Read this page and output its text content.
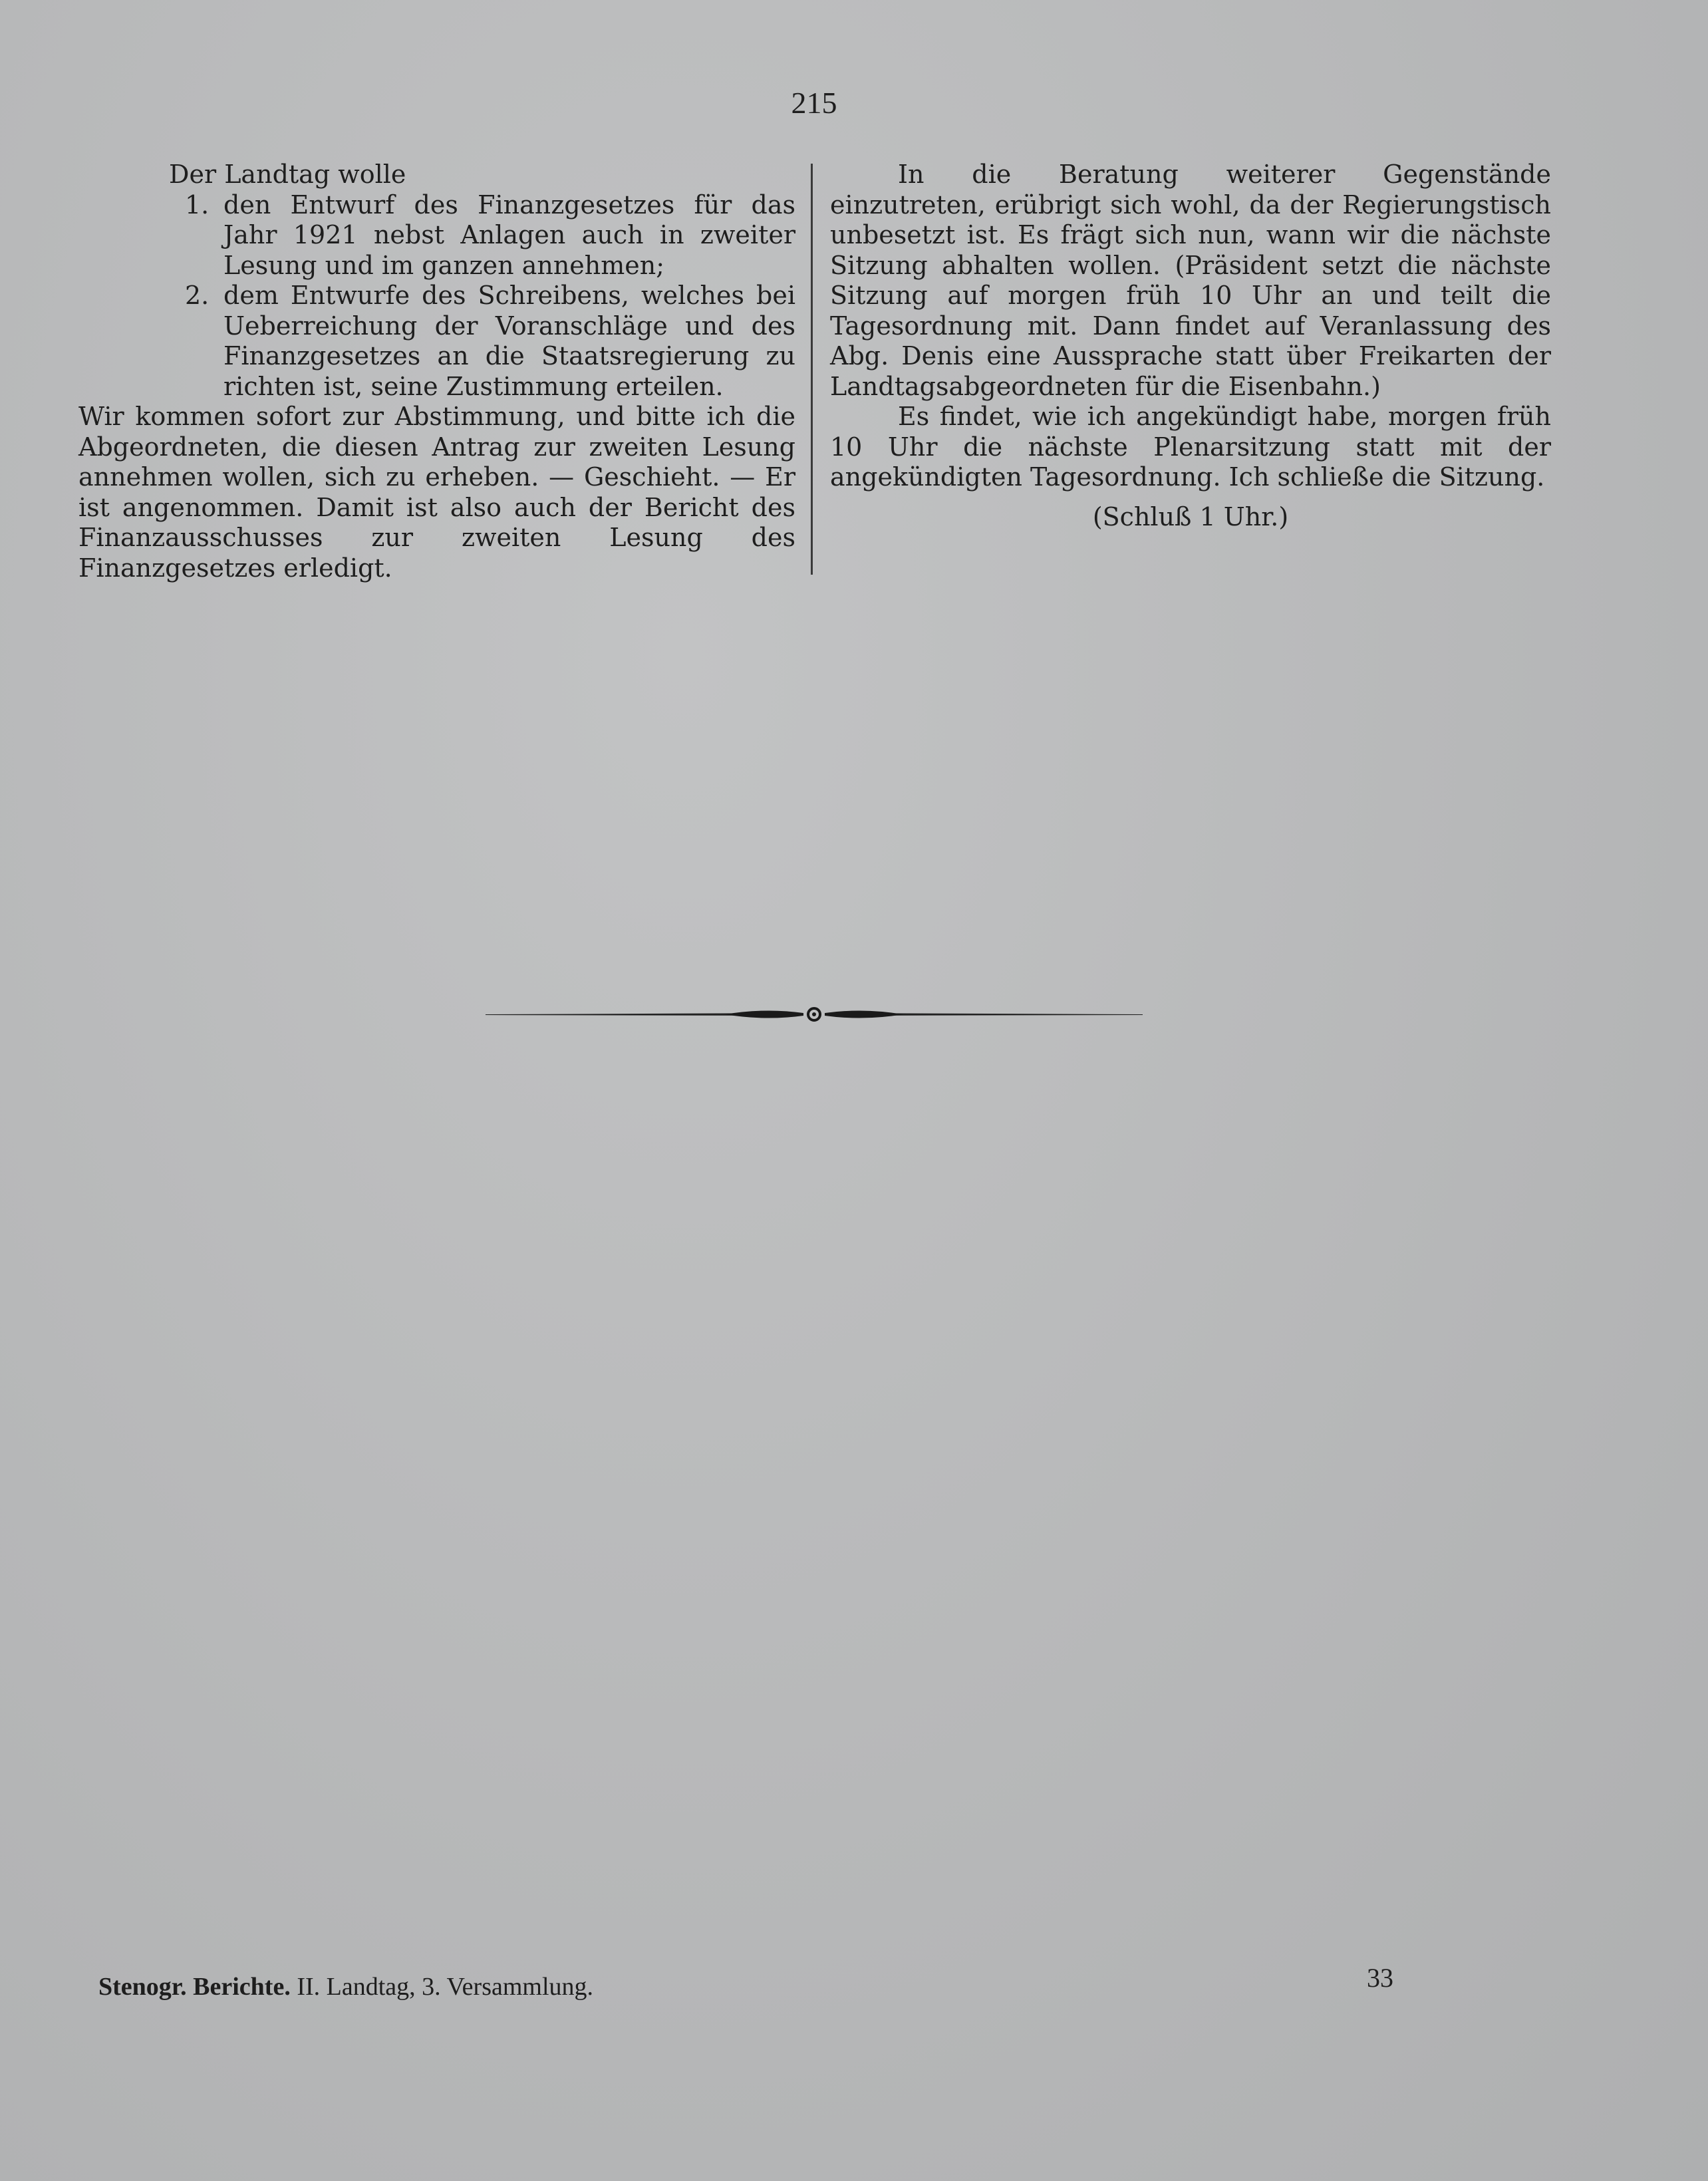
215

Der Landtag wolle

1. den Entwurf des Finanzgesetzes für das Jahr 1921 nebst Anlagen auch in zweiter Lesung und im ganzen annehmen;
2. dem Entwurfe des Schreibens, welches bei Ueberreichung der Voranschläge und des Finanzgesetzes an die Staatsregierung zu richten ist, seine Zustimmung erteilen.

Wir kommen sofort zur Abstimmung, und bitte ich die Abgeordneten, die diesen Antrag zur zweiten Lesung annehmen wollen, sich zu erheben. — Geschieht. — Er ist angenommen. Damit ist also auch der Bericht des Finanzausschusses zur zweiten Lesung des Finanzgesetzes erledigt.

In die Beratung weiterer Gegenstände einzutreten, erübrigt sich wohl, da der Regierungstisch unbesetzt ist. Es frägt sich nun, wann wir die nächste Sitzung abhalten wollen. (Präsident setzt die nächste Sitzung auf morgen früh 10 Uhr an und teilt die Tagesordnung mit. Dann findet auf Veranlassung des Abg. Denis eine Aussprache statt über Freikarten der Landtagsabgeordneten für die Eisenbahn.)

Es findet, wie ich angekündigt habe, morgen früh 10 Uhr die nächste Plenarsitzung statt mit der angekündigten Tagesordnung. Ich schließe die Sitzung.

(Schluß 1 Uhr.)

Stenogr. Berichte. II. Landtag, 3. Versammlung.	33
